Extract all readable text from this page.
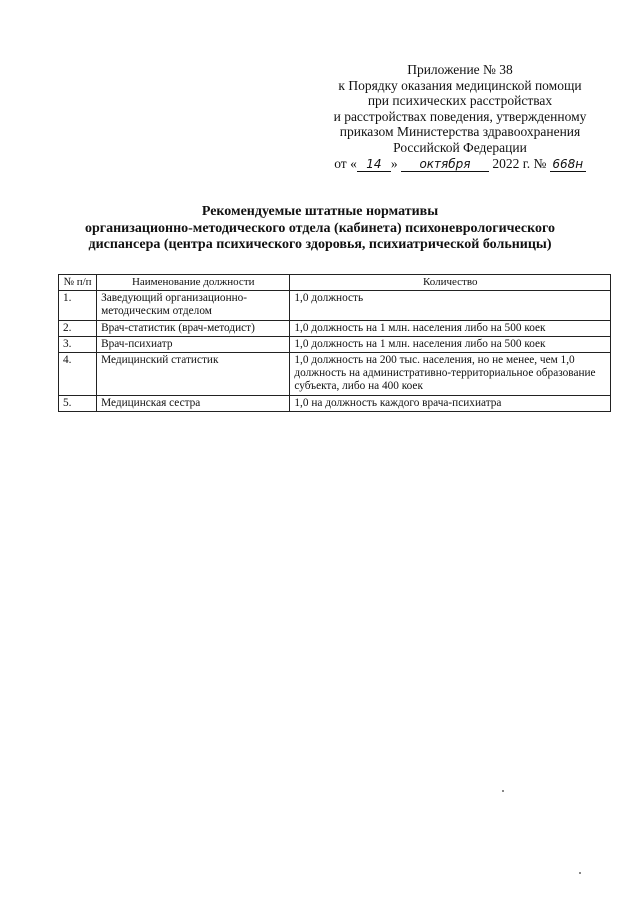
Приложение № 38
к Порядку оказания медицинской помощи
при психических расстройствах
и расстройствах поведения, утвержденному
приказом Министерства здравоохранения
Российской Федерации
от « 14 » октября 2022 г. № 668н
Рекомендуемые штатные нормативы
организационно-методического отдела (кабинета) психоневрологического
диспансера (центра психического здоровья, психиатрической больницы)
№ п/п	Наименование должности	Количество
1.	Заведующий организационно-методическим отделом	1,0 должность
2.	Врач-статистик (врач-методист)	1,0 должность на 1 млн. населения либо на 500 коек
3.	Врач-психиатр	1,0 должность на 1 млн. населения либо на 500 коек
4.	Медицинский статистик	1,0 должность на 200 тыс. населения, но не менее, чем 1,0 должность на административно-территориальное образование субъекта, либо на 400 коек
5.	Медицинская сестра	1,0 на должность каждого врача-психиатра
